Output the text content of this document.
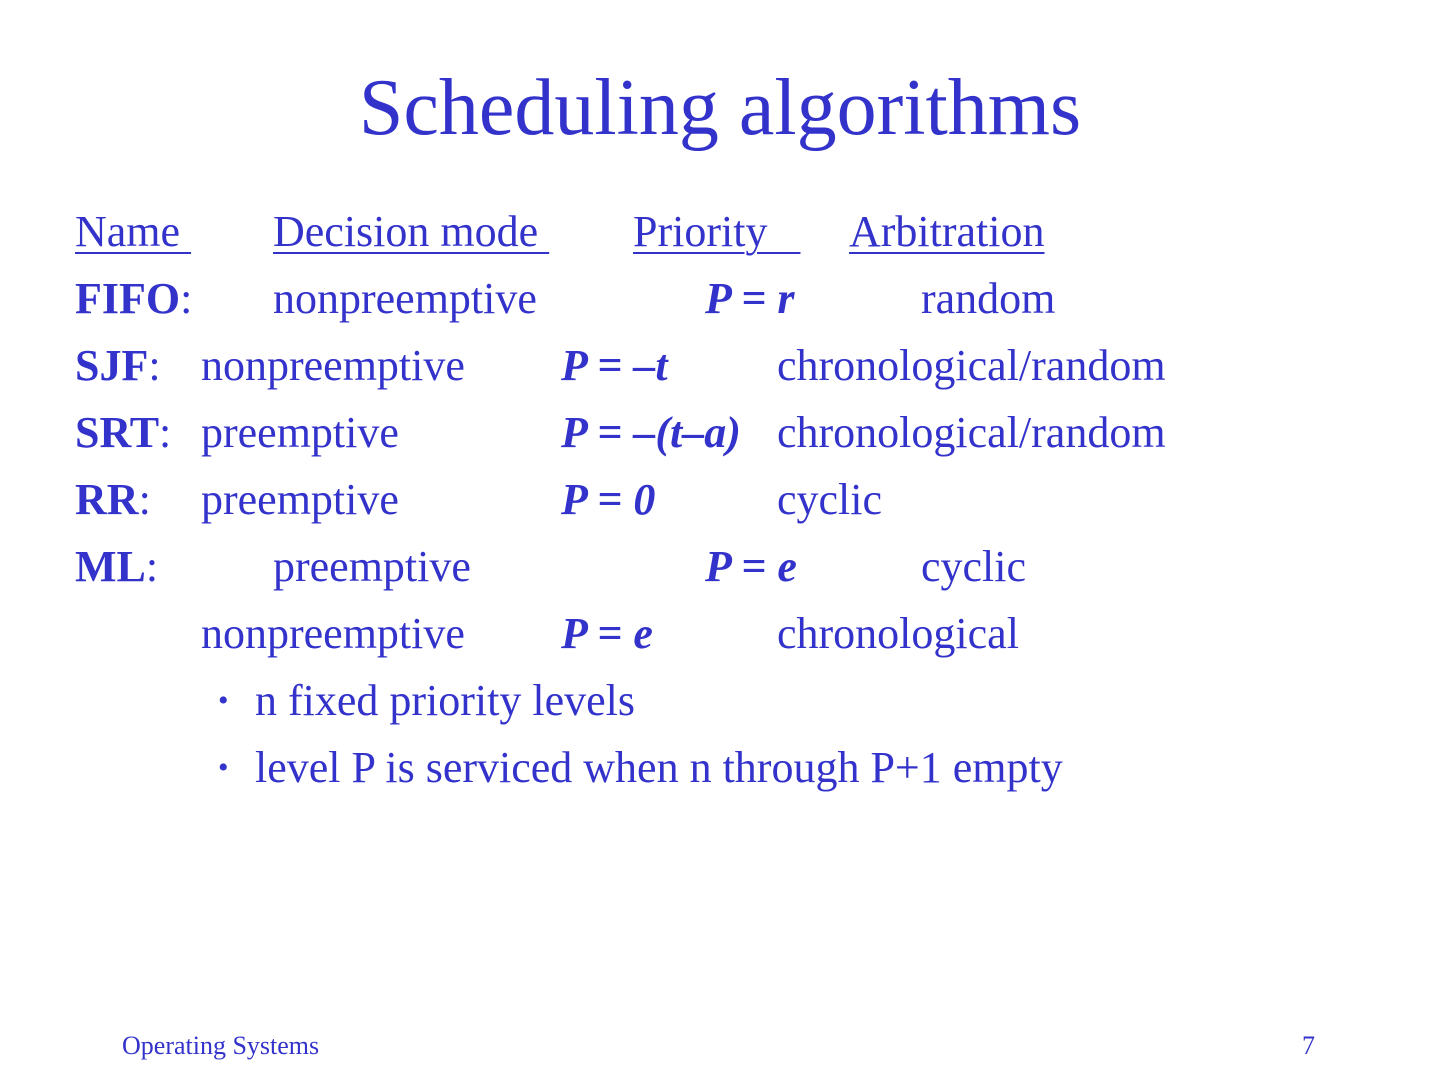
Scheduling algorithms
Name Decision mode Priority Arbitration
FIFO: nonpreemptive	P = r	random
SJF: nonpreemptive P = –t chronological/random
SRT: preemptive	P = –(t–a) chronological/random
RR: preemptive	P = 0	cyclic
ML:	preemptive	P = e	cyclic
nonpreemptive P = e	chronological
• n fixed priority levels
• level P is serviced when n through P+1 empty
Operating Systems	7
